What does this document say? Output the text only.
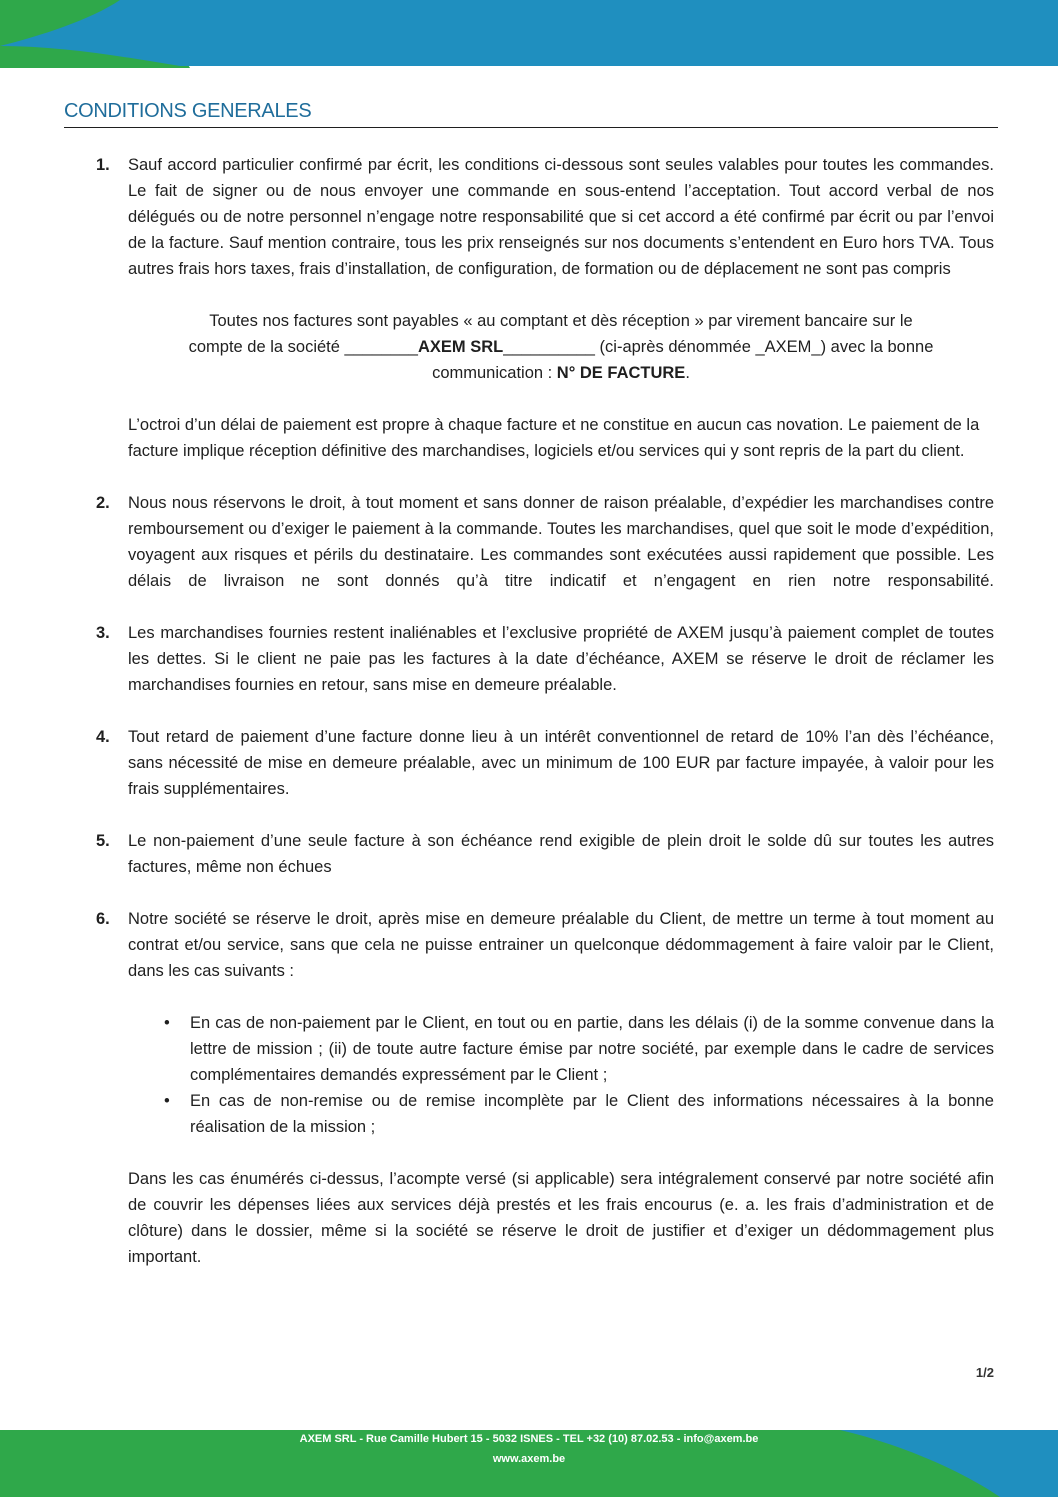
CONDITIONS GENERALES
1. Sauf accord particulier confirmé par écrit, les conditions ci-dessous sont seules valables pour toutes les commandes. Le fait de signer ou de nous envoyer une commande en sous-entend l’acceptation. Tout accord verbal de nos délégués ou de notre personnel n’engage notre responsabilité que si cet accord a été confirmé par écrit ou par l’envoi de la facture. Sauf mention contraire, tous les prix renseignés sur nos documents s’entendent en Euro hors TVA. Tous autres frais hors taxes, frais d’installation, de configuration, de formation ou de déplacement ne sont pas compris

Toutes nos factures sont payables « au comptant et dès réception » par virement bancaire sur le
compte de la société ________AXEM SRL__________ (ci-après dénommée _AXEM_) avec la bonne
communication : N° DE FACTURE.

L’octroi d’un délai de paiement est propre à chaque facture et ne constitue en aucun cas novation. Le paiement de la facture implique réception définitive des marchandises, logiciels et/ou services qui y sont repris de la part du client.

2. Nous nous réservons le droit, à tout moment et sans donner de raison préalable, d’expédier les marchandises contre remboursement ou d’exiger le paiement à la commande. Toutes les marchandises, quel que soit le mode d’expédition, voyagent aux risques et périls du destinataire. Les commandes sont exécutées aussi rapidement que possible. Les délais de livraison ne sont donnés qu’à titre indicatif et n’engagent en rien notre responsabilité.

3. Les marchandises fournies restent inaliénables et l’exclusive propriété de AXEM jusqu’à paiement complet de toutes les dettes. Si le client ne paie pas les factures à la date d’échéance, AXEM se réserve le droit de réclamer les marchandises fournies en retour, sans mise en demeure préalable.

4. Tout retard de paiement d’une facture donne lieu à un intérêt conventionnel de retard de 10% l’an dès l’échéance, sans nécessité de mise en demeure préalable, avec un minimum de 100 EUR par facture impayée, à valoir pour les frais supplémentaires.

5. Le non-paiement d’une seule facture à son échéance rend exigible de plein droit le solde dû sur toutes les autres factures, même non échues

6. Notre société se réserve le droit, après mise en demeure préalable du Client, de mettre un terme à tout moment au contrat et/ou service, sans que cela ne puisse entrainer un quelconque dédommagement à faire valoir par le Client, dans les cas suivants :

• En cas de non-paiement par le Client, en tout ou en partie, dans les délais (i) de la somme convenue dans la lettre de mission ; (ii) de toute autre facture émise par notre société, par exemple dans le cadre de services complémentaires demandés expressément par le Client ;
• En cas de non-remise ou de remise incomplète par le Client des informations nécessaires à la bonne réalisation de la mission ;

Dans les cas énumérés ci-dessus, l’acompte versé (si applicable) sera intégralement conservé par notre société afin de couvrir les dépenses liées aux services déjà prestés et les frais encourus (e. a. les frais d’administration et de clôture) dans le dossier, même si la société se réserve le droit de justifier et d’exiger un dédommagement plus important.

1/2
AXEM SRL - Rue Camille Hubert 15 - 5032 ISNES - TEL +32 (10) 87.02.53 - info@axem.be
www.axem.be
